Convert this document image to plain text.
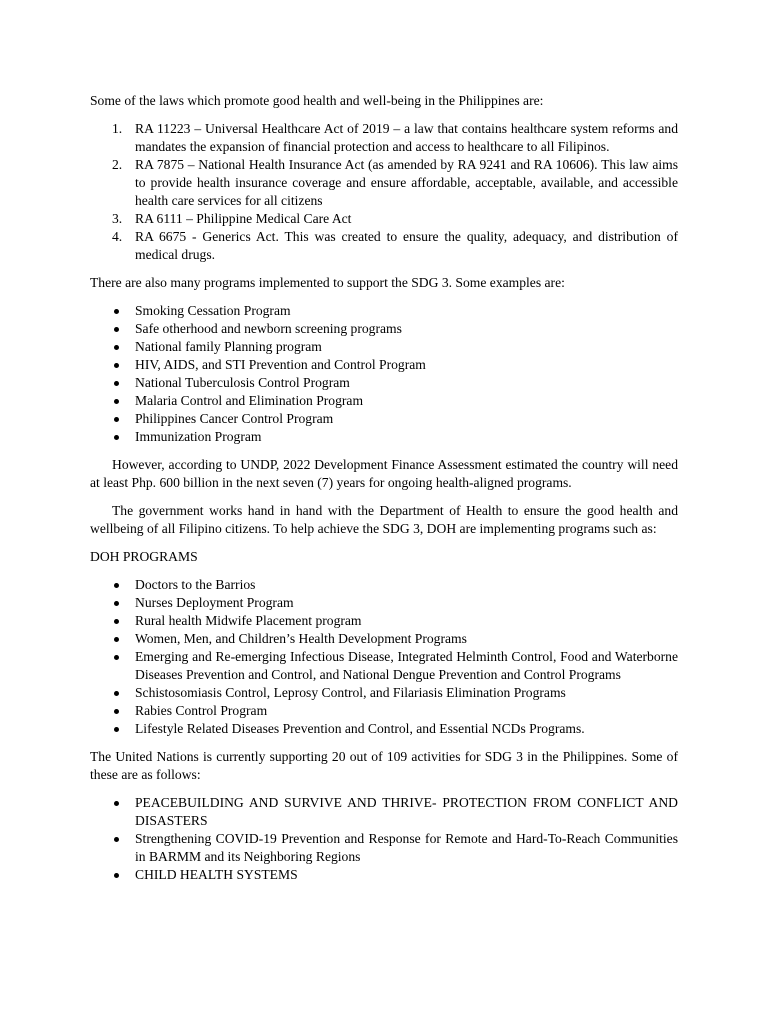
Some of the laws which promote good health and well-being in the Philippines are:

1. RA 11223 – Universal Healthcare Act of 2019 – a law that contains healthcare system reforms and mandates the expansion of financial protection and access to healthcare to all Filipinos.
2. RA 7875 – National Health Insurance Act (as amended by RA 9241 and RA 10606). This law aims to provide health insurance coverage and ensure affordable, acceptable, available, and accessible health care services for all citizens
3. RA 6111 – Philippine Medical Care Act
4. RA 6675 - Generics Act. This was created to ensure the quality, adequacy, and distribution of medical drugs.

There are also many programs implemented to support the SDG 3. Some examples are:

Smoking Cessation Program
Safe otherhood and newborn screening programs
National family Planning program
HIV, AIDS, and STI Prevention and Control Program
National Tuberculosis Control Program
Malaria Control and Elimination Program
Philippines Cancer Control Program
Immunization Program

However, according to UNDP, 2022 Development Finance Assessment estimated the country will need at least Php. 600 billion in the next seven (7) years for ongoing health-aligned programs.

The government works hand in hand with the Department of Health to ensure the good health and wellbeing of all Filipino citizens. To help achieve the SDG 3, DOH are implementing programs such as:

DOH PROGRAMS

Doctors to the Barrios
Nurses Deployment Program
Rural health Midwife Placement program
Women, Men, and Children’s Health Development Programs
Emerging and Re-emerging Infectious Disease, Integrated Helminth Control, Food and Waterborne Diseases Prevention and Control, and National Dengue Prevention and Control Programs
Schistosomiasis Control, Leprosy Control, and Filariasis Elimination Programs
Rabies Control Program
Lifestyle Related Diseases Prevention and Control, and Essential NCDs Programs.

The United Nations is currently supporting 20 out of 109 activities for SDG 3 in the Philippines. Some of these are as follows:

PEACEBUILDING AND SURVIVE AND THRIVE- PROTECTION FROM CONFLICT AND DISASTERS
Strengthening COVID-19 Prevention and Response for Remote and Hard-To-Reach Communities in BARMM and its Neighboring Regions
CHILD HEALTH SYSTEMS
